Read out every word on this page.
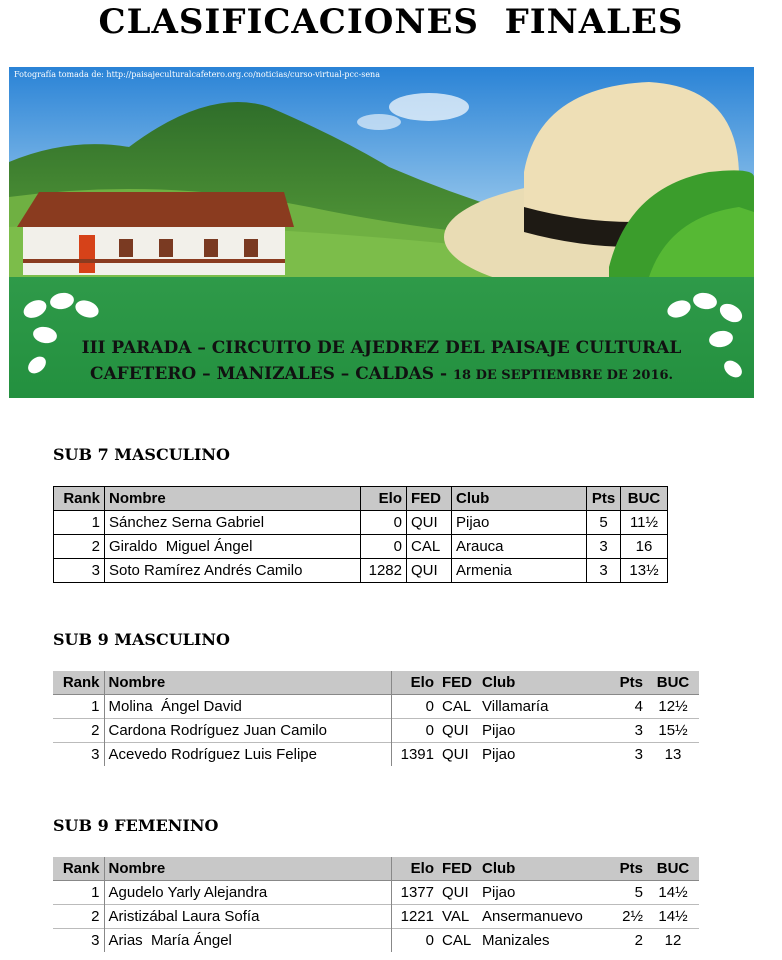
CLASIFICACIONES  FINALES
Fotografía tomada de: http://paisajeculturalcafetero.org.co/noticias/curso-virtual-pcc-sena
III PARADA – CIRCUITO DE AJEDREZ DEL PAISAJE CULTURAL
CAFETERO – MANIZALES – CALDAS - 18 DE SEPTIEMBRE DE 2016.
SUB 7 MASCULINO
Rank	Nombre	Elo	FED	Club	Pts	BUC
1	Sánchez Serna Gabriel	0	QUI	Pijao	5	11½
2	Giraldo  Miguel Ángel	0	CAL	Arauca	3	16
3	Soto Ramírez Andrés Camilo	1282	QUI	Armenia	3	13½
SUB 9 MASCULINO
Rank	Nombre	Elo	FED	Club	Pts	BUC
1	Molina  Ángel David	0	CAL	Villamaría	4	12½
2	Cardona Rodríguez Juan Camilo	0	QUI	Pijao	3	15½
3	Acevedo Rodríguez Luis Felipe	1391	QUI	Pijao	3	13
SUB 9 FEMENINO
Rank	Nombre	Elo	FED	Club	Pts	BUC
1	Agudelo Yarly Alejandra	1377	QUI	Pijao	5	14½
2	Aristizábal Laura Sofía	1221	VAL	Ansermanuevo	2½	14½
3	Arias  María Ángel	0	CAL	Manizales	2	12
